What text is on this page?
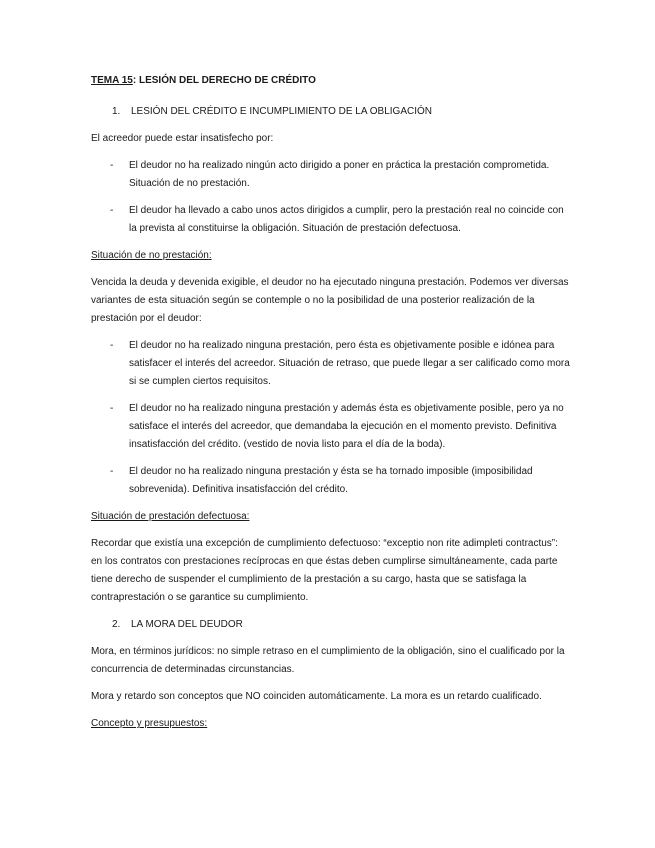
TEMA 15: LESIÓN DEL DERECHO DE CRÉDITO
1. LESIÓN DEL CRÉDITO E INCUMPLIMIENTO DE LA OBLIGACIÓN

El acreedor puede estar insatisfecho por:

- El deudor no ha realizado ningún acto dirigido a poner en práctica la prestación comprometida. Situación de no prestación.
- El deudor ha llevado a cabo unos actos dirigidos a cumplir, pero la prestación real no coincide con la prevista al constituirse la obligación. Situación de prestación defectuosa.
Situación de no prestación:

Vencida la deuda y devenida exigible, el deudor no ha ejecutado ninguna prestación. Podemos ver diversas variantes de esta situación según se contemple o no la posibilidad de una posterior realización de la prestación por el deudor:

- El deudor no ha realizado ninguna prestación, pero ésta es objetivamente posible e idónea para satisfacer el interés del acreedor. Situación de retraso, que puede llegar a ser calificado como mora si se cumplen ciertos requisitos.
- El deudor no ha realizado ninguna prestación y además ésta es objetivamente posible, pero ya no satisface el interés del acreedor, que demandaba la ejecución en el momento previsto. Definitiva insatisfacción del crédito. (vestido de novia listo para el día de la boda).
- El deudor no ha realizado ninguna prestación y ésta se ha tornado imposible (imposibilidad sobrevenida). Definitiva insatisfacción del crédito.
Situación de prestación defectuosa:

Recordar que existía una excepción de cumplimiento defectuoso: “exceptio non rite adimpleti contractus”: en los contratos con prestaciones recíprocas en que éstas deben cumplirse simultáneamente, cada parte tiene derecho de suspender el cumplimiento de la prestación a su cargo, hasta que se satisfaga la contraprestación o se garantice su cumplimiento.

2. LA MORA DEL DEUDOR

Mora, en términos jurídicos: no simple retraso en el cumplimiento de la obligación, sino el cualificado por la concurrencia de determinadas circunstancias.

Mora y retardo son conceptos que NO coinciden automáticamente. La mora es un retardo cualificado.

Concepto y presupuestos:
